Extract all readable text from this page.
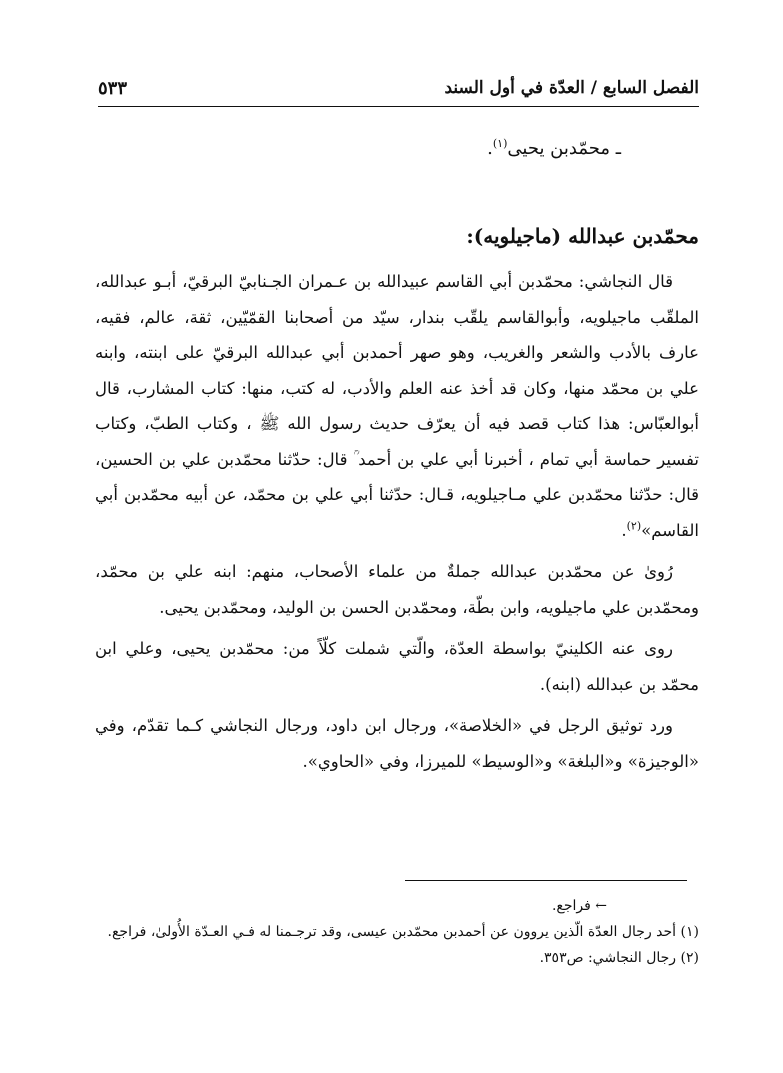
الفصل السابع / العدّة في أول السند
٥٣٣
ـ محمّدبن يحيى$^{(١)}$.
محمّدبن عبدالله (ماجيلويه):

قال النجاشي: محمّدبن أبي القاسم عبيدالله بن عـمران الجـنابيّ البرقيّ، أبـو عبدالله، الملقّب ماجيلويه، وأبوالقاسم يلقّب بندار، سيّد من أصحابنا القمّيّين، ثقة، عالم، فقيه، عارف بالأدب والشعر والغريب، وهو صهر أحمدبن أبي عبدالله البرقيّ على ابنته، وابنه علي بن محمّد منها، وكان قد أخذ عنه العلم والأدب، له كتب، منها: كتاب المشارب، قال أبوالعبّاس: هذا كتاب قصد فيه أن يعرّف حديث رسول الله ﷺ ، وكتاب الطبّ، وكتاب تفسير حماسة أبي تمام ، أخبرنا أبي علي بن أحمد ؒ قال: حدّثنا محمّدبن علي بن الحسين، قال: حدّثنا محمّدبن علي مـاجيلويه، قـال: حدّثنا أبي علي بن محمّد، عن أبيه محمّدبن أبي القاسم»$^{(٢)}$.

رُوىٰ عن محمّدبن عبدالله جملةٌ من علماء الأصحاب، منهم: ابنه علي بن محمّد، ومحمّدبن علي ماجيلويه، وابن بطّة، ومحمّدبن الحسن بن الوليد، ومحمّدبن يحيى.

روى عنه الكلينيّ بواسطة العدّة، والّتي شملت كلّاً من: محمّدبن يحيى، وعلي ابن محمّد بن عبدالله (ابنه).

ورد توثيق الرجل في «الخلاصة»، ورجال ابن داود، ورجال النجاشي كـما تقدّم، وفي «الوجيزة» و«البلغة» و«الوسيط» للميرزا، وفي «الحاوي».

← فراجع.

(١) أحد رجال العدّة الّذين يروون عن أحمدبن محمّدبن عيسى، وقد ترجـمنا له فـي العـدّة الأُولىٰ، فراجع.

(٢) رجال النجاشي: ص٣٥٣.
